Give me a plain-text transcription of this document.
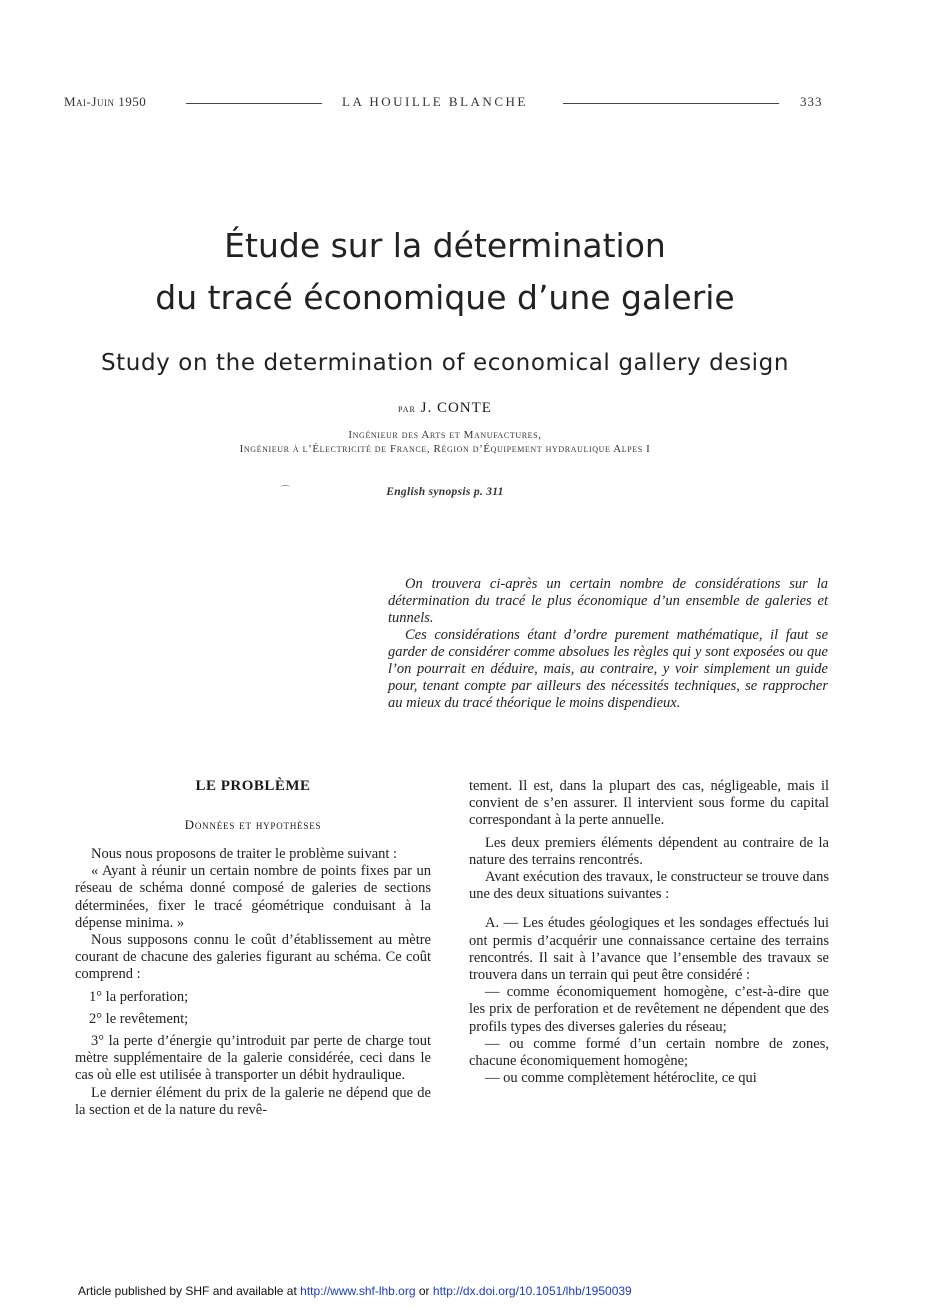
Mai-Juin 1950	LA HOUILLE BLANCHE	333
Étude sur la détermination
du tracé économique d’une galerie
Study on the determination of economical gallery design
par J. CONTE
Ingénieur des Arts et Manufactures,
Ingénieur à l’Électricité de France, Région d’Équipement hydraulique Alpes I
⌒	English synopsis p. 311

On trouvera ci-après un certain nombre de considérations sur la détermination du tracé le plus économique d’un ensemble de galeries et tunnels.

Ces considérations étant d’ordre purement mathématique, il faut se garder de considérer comme absolues les règles qui y sont exposées ou que l’on pourrait en déduire, mais, au contraire, y voir simplement un guide pour, tenant compte par ailleurs des nécessités techniques, se rapprocher au mieux du tracé théorique le moins dispendieux.

LE PROBLÈME
Données et hypothèses

Nous nous proposons de traiter le problème suivant :

« Ayant à réunir un certain nombre de points fixes par un réseau de schéma donné composé de galeries de sections déterminées, fixer le tracé géométrique conduisant à la dépense minima. »

Nous supposons connu le coût d’établissement au mètre courant de chacune des galeries figurant au schéma. Ce coût comprend :

1° la perforation;

2° le revêtement;

3° la perte d’énergie qu’introduit par perte de charge tout mètre supplémentaire de la galerie considérée, ceci dans le cas où elle est utilisée à transporter un débit hydraulique.

Le dernier élément du prix de la galerie ne dépend que de la section et de la nature du revê-

tement. Il est, dans la plupart des cas, négligeable, mais il convient de s’en assurer. Il intervient sous forme du capital correspondant à la perte annuelle.

Les deux premiers éléments dépendent au contraire de la nature des terrains rencontrés.

Avant exécution des travaux, le constructeur se trouve dans une des deux situations suivantes :

A. — Les études géologiques et les sondages effectués lui ont permis d’acquérir une connaissance certaine des terrains rencontrés. Il sait à l’avance que l’ensemble des travaux se trouvera dans un terrain qui peut être considéré :

— comme économiquement homogène, c’est-à-dire que les prix de perforation et de revêtement ne dépendent que des profils types des diverses galeries du réseau;

— ou comme formé d’un certain nombre de zones, chacune économiquement homogène;

— ou comme complètement hétéroclite, ce qui

Article published by SHF and available at http://www.shf-lhb.org or http://dx.doi.org/10.1051/lhb/1950039
